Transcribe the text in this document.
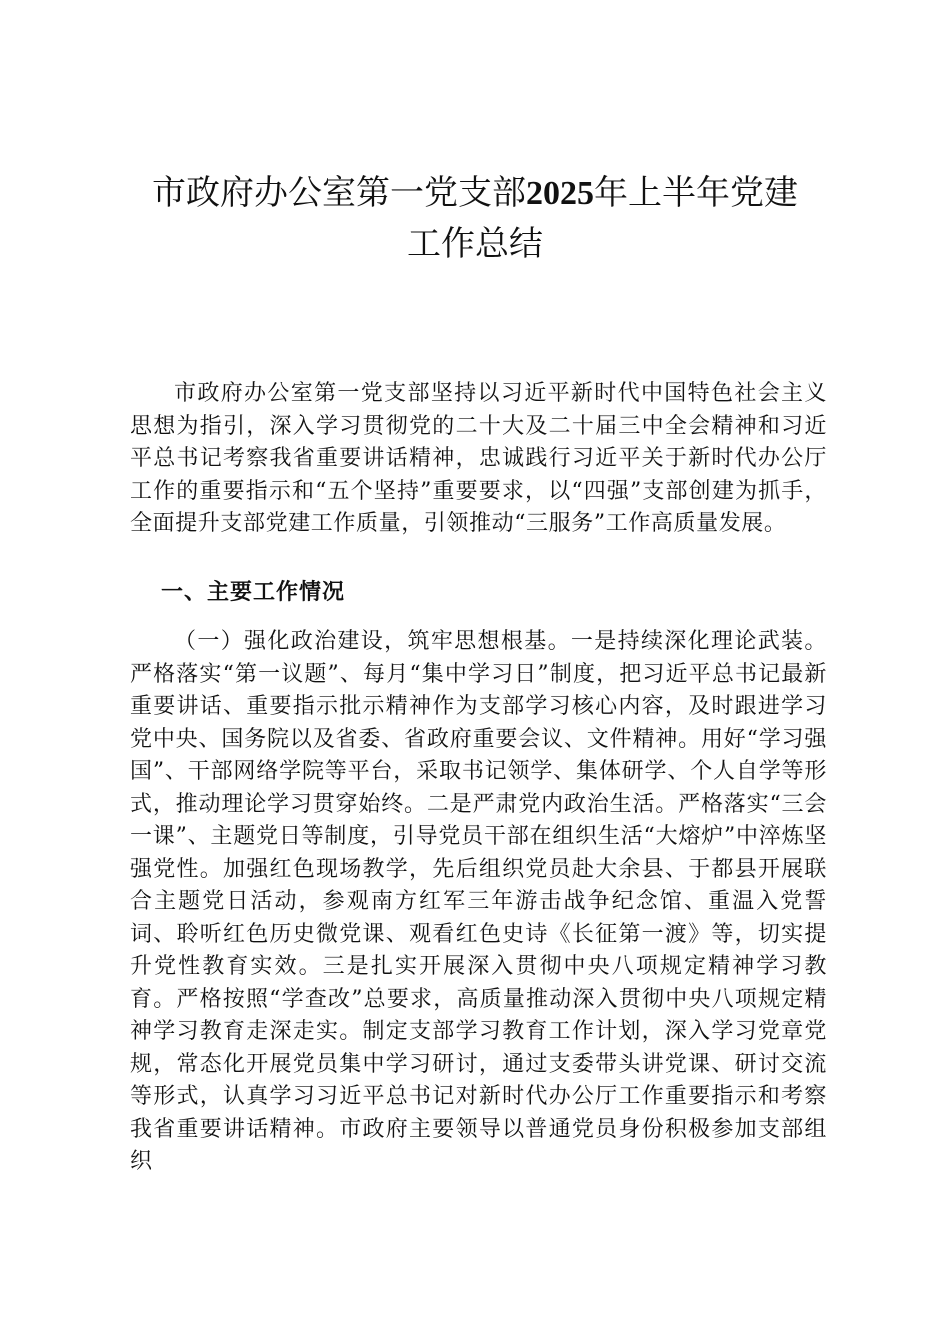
市政府办公室第一党支部2025年上半年党建
工作总结
市政府办公室第一党支部坚持以习近平新时代中国特色社会主义思想为指引，深入学习贯彻党的二十大及二十届三中全会精神和习近平总书记考察我省重要讲话精神，忠诚践行习近平关于新时代办公厅工作的重要指示和“五个坚持”重要要求，以“四强”支部创建为抓手，全面提升支部党建工作质量，引领推动“三服务”工作高质量发展。
一、主要工作情况
（一）强化政治建设，筑牢思想根基。一是持续深化理论武装。严格落实“第一议题”、每月“集中学习日”制度，把习近平总书记最新重要讲话、重要指示批示精神作为支部学习核心内容，及时跟进学习党中央、国务院以及省委、省政府重要会议、文件精神。用好“学习强国”、干部网络学院等平台，采取书记领学、集体研学、个人自学等形式，推动理论学习贯穿始终。二是严肃党内政治生活。严格落实“三会一课”、主题党日等制度，引导党员干部在组织生活“大熔炉”中淬炼坚强党性。加强红色现场教学，先后组织党员赴大余县、于都县开展联合主题党日活动，参观南方红军三年游击战争纪念馆、重温入党誓词、聆听红色历史微党课、观看红色史诗《长征第一渡》等，切实提升党性教育实效。三是扎实开展深入贯彻中央八项规定精神学习教育。严格按照“学查改”总要求，高质量推动深入贯彻中央八项规定精神学习教育走深走实。制定支部学习教育工作计划，深入学习党章党规，常态化开展党员集中学习研讨，通过支委带头讲党课、研讨交流等形式，认真学习习近平总书记对新时代办公厅工作重要指示和考察我省重要讲话精神。市政府主要领导以普通党员身份积极参加支部组织
